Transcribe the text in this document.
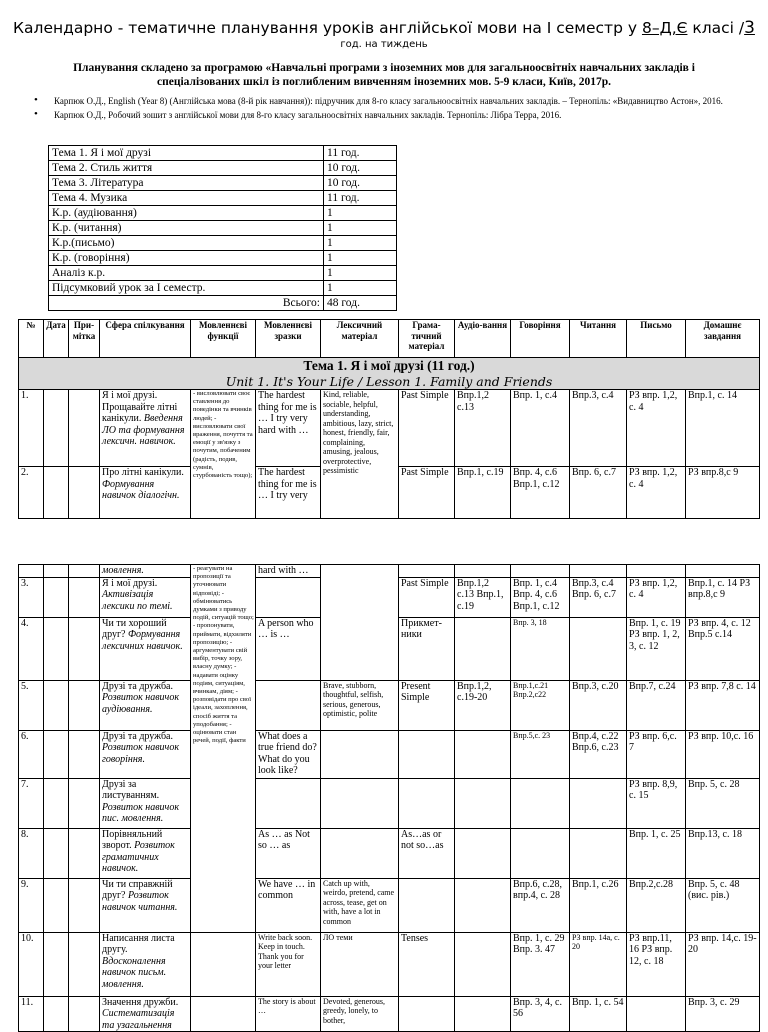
Календарно - тематичне планування уроків англійської мови на I семестр у 8–Д,Є класі /3
год. на тиждень
Планування складено за програмою «Навчальні програми з іноземних мов для загальноосвітніх навчальних закладів і спеціалізованих шкіл із поглибленим вивченням іноземних мов. 5-9 класи, Київ, 2017р.
• Карпюк О.Д., English (Year 8) (Англійська мова (8-й рік навчання)): підручник для 8-го класу загальноосвітніх навчальних закладів. – Тернопіль: «Видавництво Астон», 2016.
• Карпюк О.Д., Робочий зошит з англійської мови для 8-го класу загальноосвітніх навчальних закладів. Тернопіль: Лібра Терра, 2016.
Тема 1. Я і мої друзі	11 год.
Тема 2. Стиль життя	10 год.
Тема 3. Література	10 год.
Тема 4. Музика	11 год.
К.р. (аудіювання)	1
К.р. (читання)	1
К.р.(письмо)	1
К.р. (говоріння)	1
Аналіз к.р.	1
Підсумковий урок за I семестр.	1
Всього:	48 год.
№	Дата	При-мітка	Сфера спілкування	Мовленнєві функції	Мовленнєві зразки	Лексичний матеріал	Грама-тичний матеріал	Аудіо-вання	Говоріння	Читання	Письмо	Домашнє завдання

Тема 1. Я і мої друзі (11 год.)
Unit 1. It's Your Life / Lesson 1. Family and Friends												

1.			Я і мої друзі. Прощавайте літні канікули. Введення ЛО та формування лексичн. навичок.	- висловлювати своє ставлення до поведінки та вчинків людей; - висловлювати свої враження, почуття та емоції у зв'язку з почутим, побаченим (радість, подив, сумнів, стурбованість тощо);	The hardest thing for me is … I try very hard with …	Kind, reliable, sociable, helpful, understanding, ambitious, lazy, strict, honest, friendly, fair, complaining, amusing, jealous, overprotective, pessimistic	Past Simple	Впр.1,2 с.13	Впр. 1, с.4	Впр.3, с.4	РЗ впр. 1,2, с. 4	Впр.1, с. 14
2.			Про літні канікули. Формування навичок діалогічн.		The hardest thing for me is … I try very		Past Simple	Впр.1, с.19	Впр. 4, с.6 Впр.1, с.12	Впр. 6, с.7	РЗ впр. 1,2, с. 4	РЗ впр.8,с 9
			мовлення.	- реагувати на пропозиції та уточнювати відповіді; - обмінюватись думками з приводу подій, ситуацій тощо; - пропонувати, приймати, відхиляти пропозицію; - аргументувати свій вибір, точку зору, власну думку; - надавати оцінку подіям, ситуаціям, вчинкам, діям; - розповідати про свої ідеали, захоплення, спосіб життя та уподобання; - оцінювати стан речей, події, факти	hard with …							
3.			Я і мої друзі. Активізація лексики по темі.				Past Simple	Впр.1,2 с.13 Впр.1, с.19	Впр. 1, с.4 Впр. 4, с.6 Впр.1, с.12	Впр.3, с.4 Впр. 6, с.7	РЗ впр. 1,2, с. 4	Впр.1, с. 14 РЗ впр.8,с 9
4.			Чи ти хороший друг? Формування лексичних навичок.		A person who … is …		Прикмет-ники		Впр. 3, 18		Впр. 1, с. 19 РЗ впр. 1, 2, 3, с. 12	РЗ впр. 4, с. 12 Впр.5 с.14
5.			Друзі та дружба. Розвиток навичок аудіювання.			Brave, stubborn, thoughtful, selfish, serious, generous, optimistic, polite	Present Simple	Впр.1,2, с.19-20	Впр.1,с.21 Впр.2,с22	Впр.3, с.20	Впр.7, с.24	РЗ впр. 7,8 с. 14
6.			Друзі та дружба. Розвиток навичок говоріння.		What does a true friend do? What do you look like?				Впр.5,с. 23	Впр.4, с.22 Впр.6, с.23	РЗ впр. 6,с. 7	РЗ впр. 10,с. 16
7.			Друзі за листуванням. Розвиток навичок пис. мовлення.								РЗ впр. 8,9, с. 15	Впр. 5, с. 28
8.			Порівняльний зворот. Розвиток граматичних навичок.		As … as Not so … as		As…as or not so…as				Впр. 1, с. 25	Впр.13, с. 18
9.			Чи ти справжній друг? Розвиток навичок читання.		We have … in common	Catch up with, weirdo, pretend, came across, tease, get on with, have a lot in common			Впр.6, с.28, впр.4, с. 28	Впр.1, с.26	Впр.2,с.28	Впр. 5, с. 48 (вис. рів.)
10.			Написання листа другу. Вдосконалення навичок письм. мовлення.		Write back soon. Keep in touch. Thank you for your letter	ЛО теми	Tenses		Впр. 1, с. 29 Впр. 3. 47	РЗ впр. 14а, с. 20	РЗ впр.11, 16 РЗ впр. 12, с. 18	РЗ впр. 14,с. 19-20
11.			Значення дружби. Систематизація та узагальнення		The story is about …	Devoted, generous, greedy, lonely, to bother,			Впр. 3, 4, с. 56	Впр. 1, с. 54		Впр. 3, с. 29
